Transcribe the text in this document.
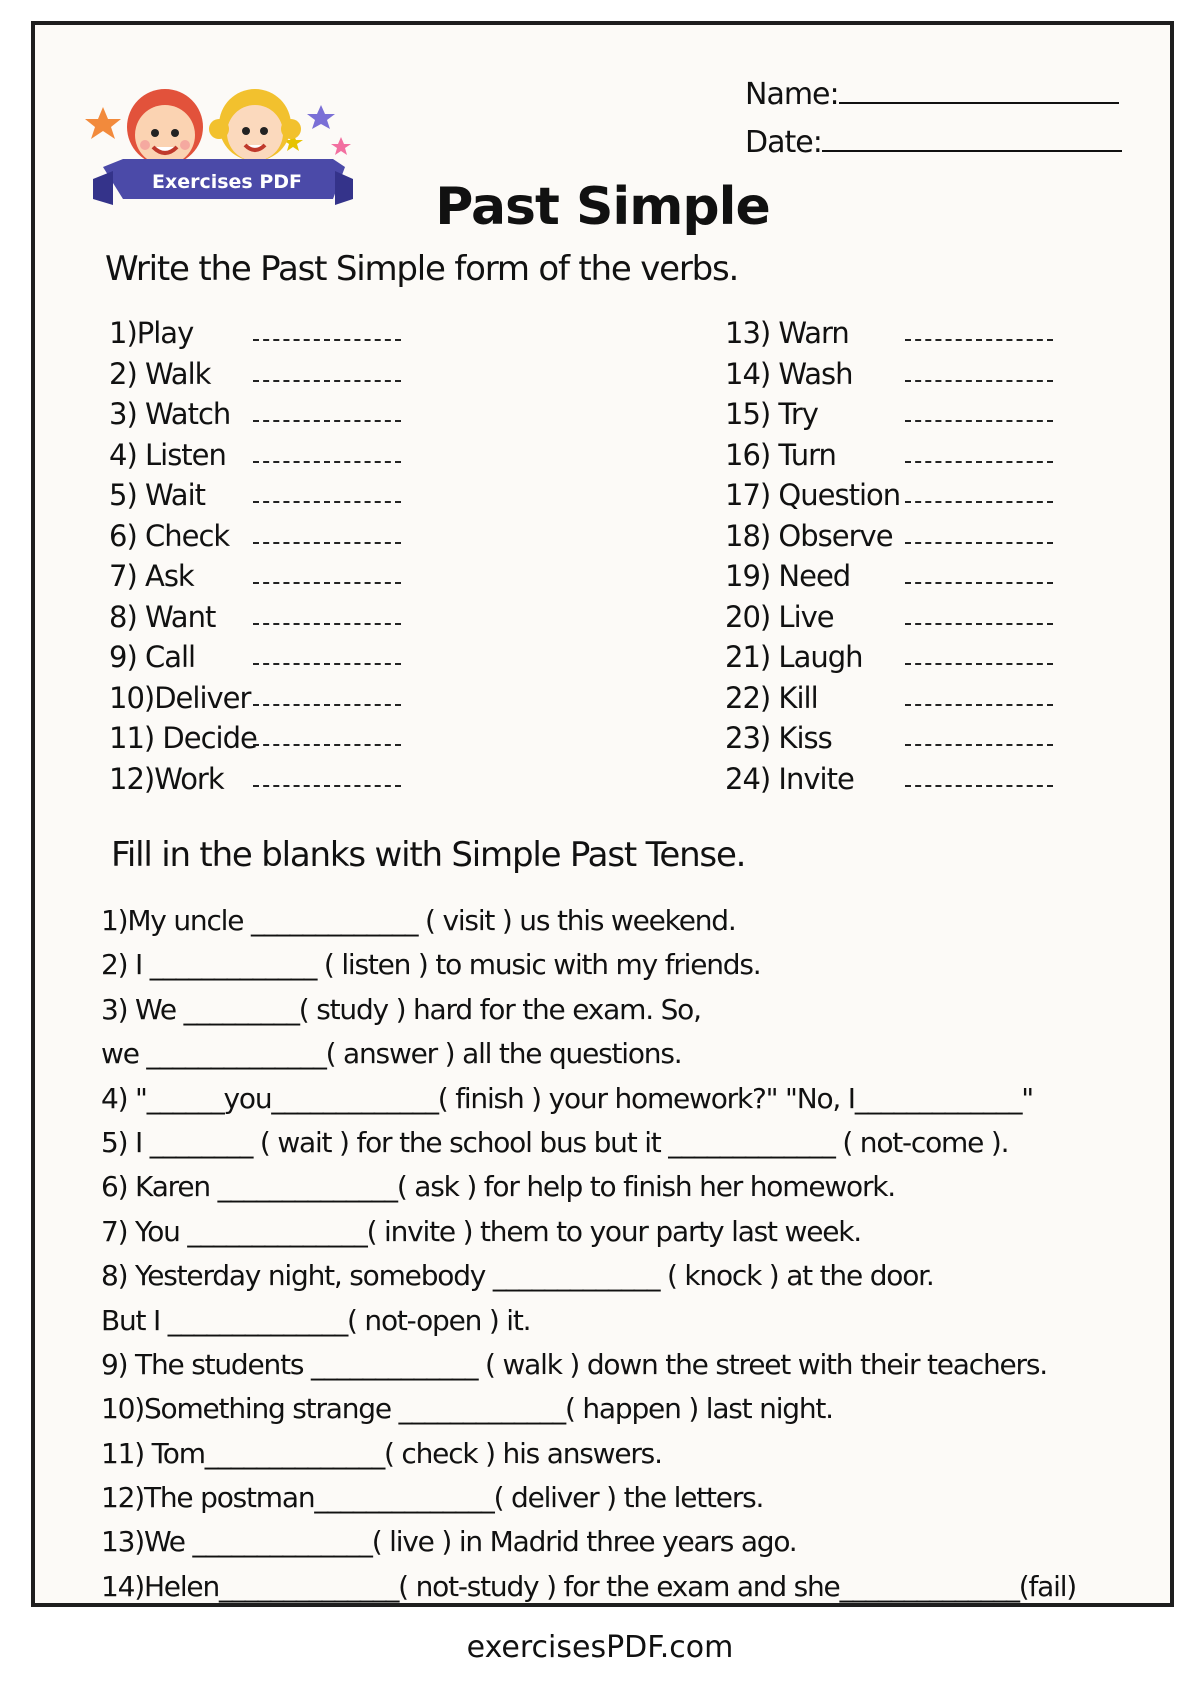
Exercises PDF
Name:
Date:
Past Simple
Write the Past Simple form of the verbs.
1)Play
2) Walk
3) Watch
4) Listen
5) Wait
6) Check
7) Ask
8) Want
9) Call
10)Deliver
11) Decide
12)Work
13) Warn
14) Wash
15) Try
16) Turn
17) Question
18) Observe
19) Need
20) Live
21) Laugh
22) Kill
23) Kiss
24) Invite
Fill in the blanks with Simple Past Tense.
1)My uncle _____________ ( visit ) us this weekend.
2) I _____________ ( listen ) to music with my friends.
3) We _________( study ) hard for the exam. So,
we ______________( answer ) all the questions.
4) "______you_____________( finish ) your homework?" "No, I_____________"
5) I ________ ( wait ) for the school bus but it _____________ ( not-come ).
6) Karen ______________( ask ) for help to finish her homework.
7) You ______________( invite ) them to your party last week.
8) Yesterday night, somebody _____________ ( knock ) at the door.
But I ______________( not-open ) it.
9) The students _____________ ( walk ) down the street with their teachers.
10)Something strange _____________( happen ) last night.
11) Tom______________( check ) his answers.
12)The postman______________( deliver ) the letters.
13)We ______________( live ) in Madrid three years ago.
14)Helen______________( not-study ) for the exam and she______________(fail)
exercisesPDF.com
